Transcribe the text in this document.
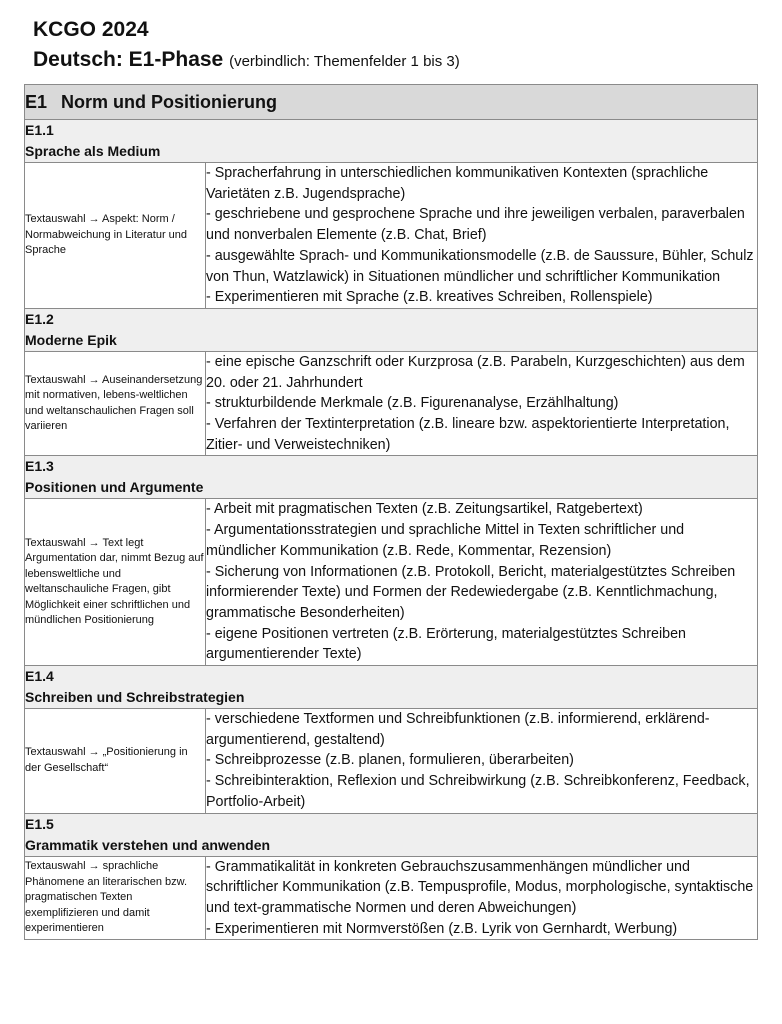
KCGO 2024
Deutsch: E1-Phase (verbindlich: Themenfelder 1 bis 3)
E1 Norm und Positionierung	

E1.1
Sprache als Medium	

Textauswahl → Aspekt: Norm / Normabweichung in Literatur und Sprache	- Spracherfahrung in unterschiedlichen kommunikativen Kontexten (sprachliche Varietäten z.B. Jugendsprache)
- geschriebene und gesprochene Sprache und ihre jeweiligen verbalen, paraverbalen und nonverbalen Elemente (z.B. Chat, Brief)
- ausgewählte Sprach- und Kommunikationsmodelle (z.B. de Saussure, Bühler, Schulz von Thun, Watzlawick) in Situationen mündlicher und schriftlicher Kommunikation
- Experimentieren mit Sprache (z.B. kreatives Schreiben, Rollenspiele)

E1.2
Moderne Epik	

Textauswahl → Auseinandersetzung mit normativen, lebens-weltlichen und weltanschaulichen Fragen soll variieren	- eine epische Ganzschrift oder Kurzprosa (z.B. Parabeln, Kurzgeschichten) aus dem 20. oder 21. Jahrhundert
- strukturbildende Merkmale (z.B. Figurenanalyse, Erzählhaltung)
- Verfahren der Textinterpretation (z.B. lineare bzw. aspektorientierte Interpretation, Zitier- und Verweistechniken)

E1.3
Positionen und Argumente	

Textauswahl → Text legt Argumentation dar, nimmt Bezug auf lebensweltliche und weltanschauliche Fragen, gibt Möglichkeit einer schriftlichen und mündlichen Positionierung	- Arbeit mit pragmatischen Texten (z.B. Zeitungsartikel, Ratgebertext)
- Argumentationsstrategien und sprachliche Mittel in Texten schriftlicher und mündlicher Kommunikation (z.B. Rede, Kommentar, Rezension)
- Sicherung von Informationen (z.B. Protokoll, Bericht, materialgestütztes Schreiben informierender Texte) und Formen der Redewiedergabe (z.B. Kenntlichmachung, grammatische Besonderheiten)
- eigene Positionen vertreten (z.B. Erörterung, materialgestütztes Schreiben argumentierender Texte)

E1.4
Schreiben und Schreibstrategien	

Textauswahl → „Positionierung in der Gesellschaft“	- verschiedene Textformen und Schreibfunktionen (z.B. informierend, erklärend-argumentierend, gestaltend)
- Schreibprozesse (z.B. planen, formulieren, überarbeiten)
- Schreibinteraktion, Reflexion und Schreibwirkung (z.B. Schreibkonferenz, Feedback, Portfolio-Arbeit)

E1.5
Grammatik verstehen und anwenden	

Textauswahl → sprachliche Phänomene an literarischen bzw. pragmatischen Texten exemplifizieren und damit experimentieren	- Grammatikalität in konkreten Gebrauchszusammenhängen mündlicher und schriftlicher Kommunikation (z.B. Tempusprofile, Modus, morphologische, syntaktische und text-grammatische Normen und deren Abweichungen)
- Experimentieren mit Normverstößen (z.B. Lyrik von Gernhardt, Werbung)
